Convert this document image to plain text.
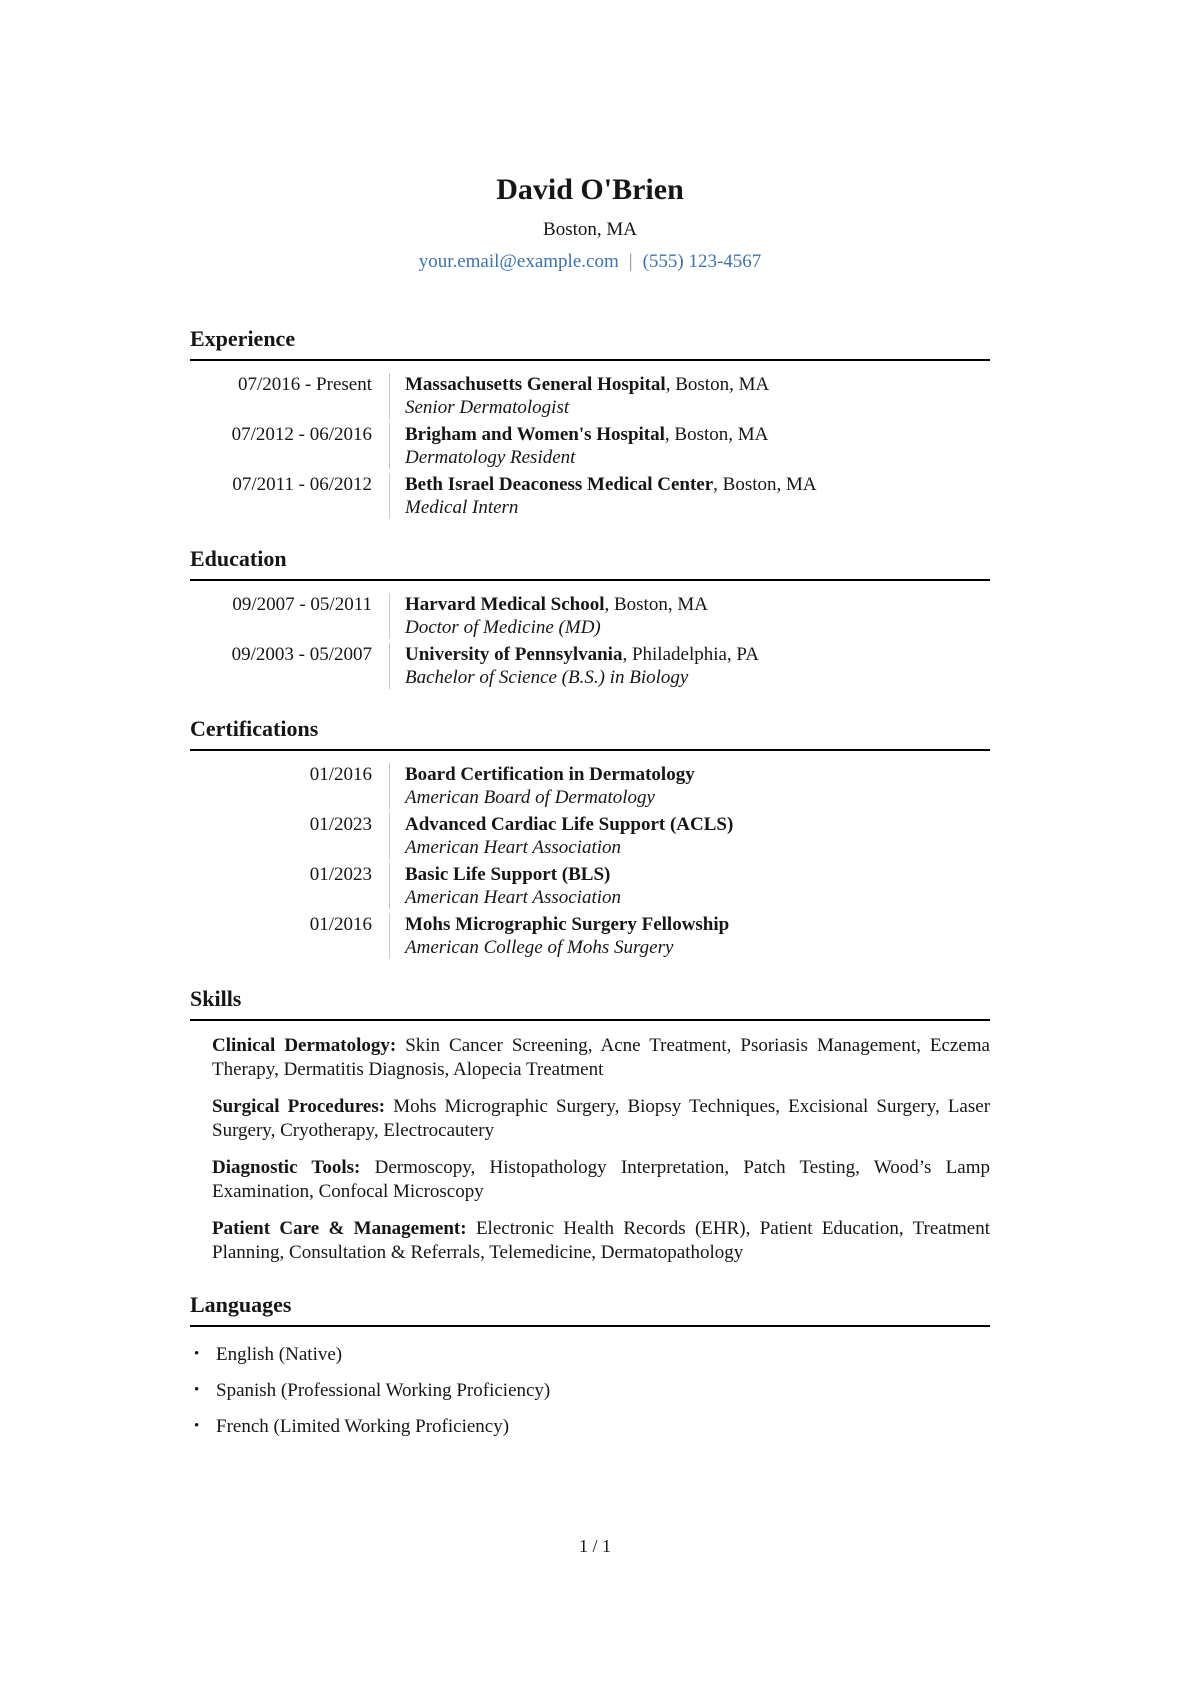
David O'Brien
Boston, MA
your.email@example.com | (555) 123-4567
Experience
07/2016 - Present	Massachusetts General Hospital, Boston, MA
Senior Dermatologist
07/2012 - 06/2016	Brigham and Women's Hospital, Boston, MA
Dermatology Resident
07/2011 - 06/2012	Beth Israel Deaconess Medical Center, Boston, MA
Medical Intern
Education
09/2007 - 05/2011	Harvard Medical School, Boston, MA
Doctor of Medicine (MD)
09/2003 - 05/2007	University of Pennsylvania, Philadelphia, PA
Bachelor of Science (B.S.) in Biology
Certifications
01/2016	Board Certification in Dermatology
American Board of Dermatology
01/2023	Advanced Cardiac Life Support (ACLS)
American Heart Association
01/2023	Basic Life Support (BLS)
American Heart Association
01/2016	Mohs Micrographic Surgery Fellowship
American College of Mohs Surgery
Skills

Clinical Dermatology: Skin Cancer Screening, Acne Treatment, Psoriasis Management, Eczema Therapy, Dermatitis Diagnosis, Alopecia Treatment

Surgical Procedures: Mohs Micrographic Surgery, Biopsy Techniques, Excisional Surgery, Laser Surgery, Cryotherapy, Electrocautery

Diagnostic Tools: Dermoscopy, Histopathology Interpretation, Patch Testing, Wood’s Lamp Examination, Confocal Microscopy

Patient Care & Management: Electronic Health Records (EHR), Patient Education, Treatment Planning, Consultation & Referrals, Telemedicine, Dermatopathology

Languages
• English (Native)
• Spanish (Professional Working Proficiency)
• French (Limited Working Proficiency)
1 / 1
